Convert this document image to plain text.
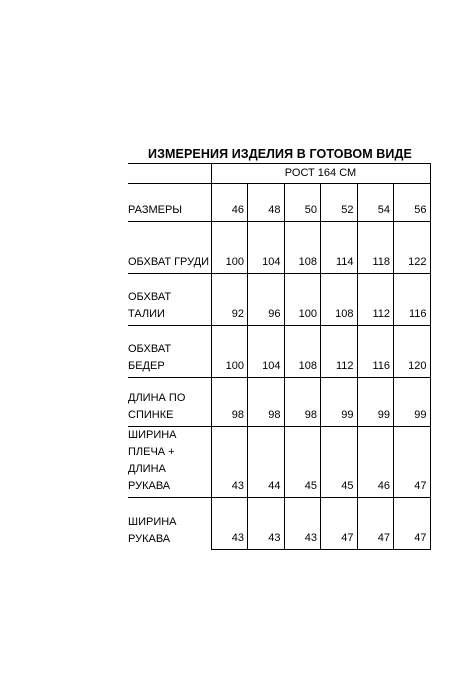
ИЗМЕРЕНИЯ ИЗДЕЛИЯ В ГОТОВОМ ВИДЕ
	РОСТ 164 СМ					
РАЗМЕРЫ	46	48	50	52	54	56
ОБХВАТ ГРУДИ	100	104	108	114	118	122
ОБХВАТ ТАЛИИ	92	96	100	108	112	116
ОБХВАТ БЕДЕР	100	104	108	112	116	120
ДЛИНА ПО
СПИНКЕ	98	98	98	99	99	99
ШИРИНА
ПЛЕЧА +
ДЛИНА РУКАВА	43	44	45	45	46	47
ШИРИНА
РУКАВА	43	43	43	47	47	47
